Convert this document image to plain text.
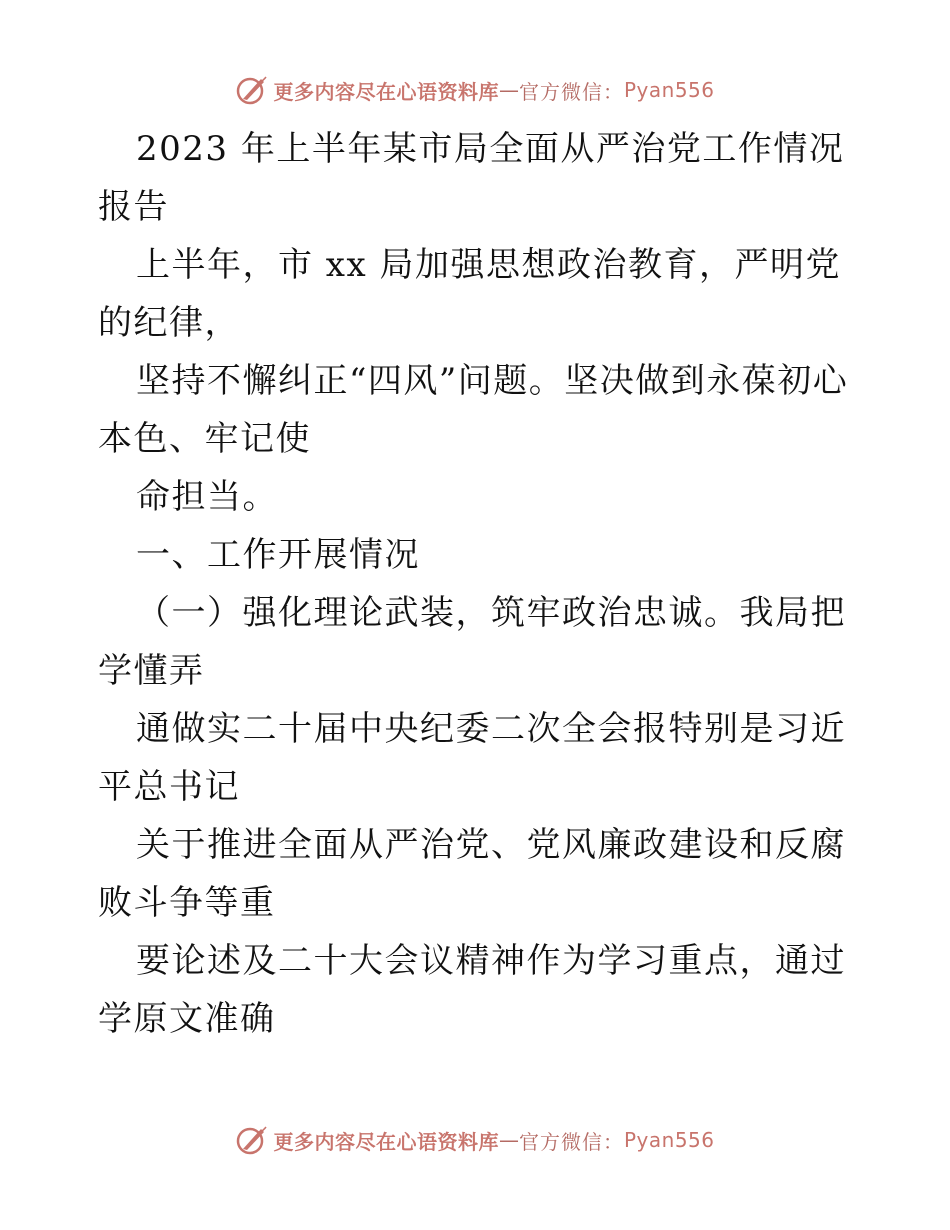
更多内容尽在心语资料库 — 官方微信： Pyan556

2023 年上半年某市局全面从严治党工作情况报告

上半年，市 xx 局加强思想政治教育，严明党的纪律，

坚持不懈纠正“四风”问题。坚决做到永葆初心本色、牢记使

命担当。

一、工作开展情况

（一）强化理论武装，筑牢政治忠诚。我局把学懂弄

通做实二十届中央纪委二次全会报特别是习近平总书记

关于推进全面从严治党、党风廉政建设和反腐败斗争等重

要论述及二十大会议精神作为学习重点，通过学原文准确

更多内容尽在心语资料库 — 官方微信： Pyan556
